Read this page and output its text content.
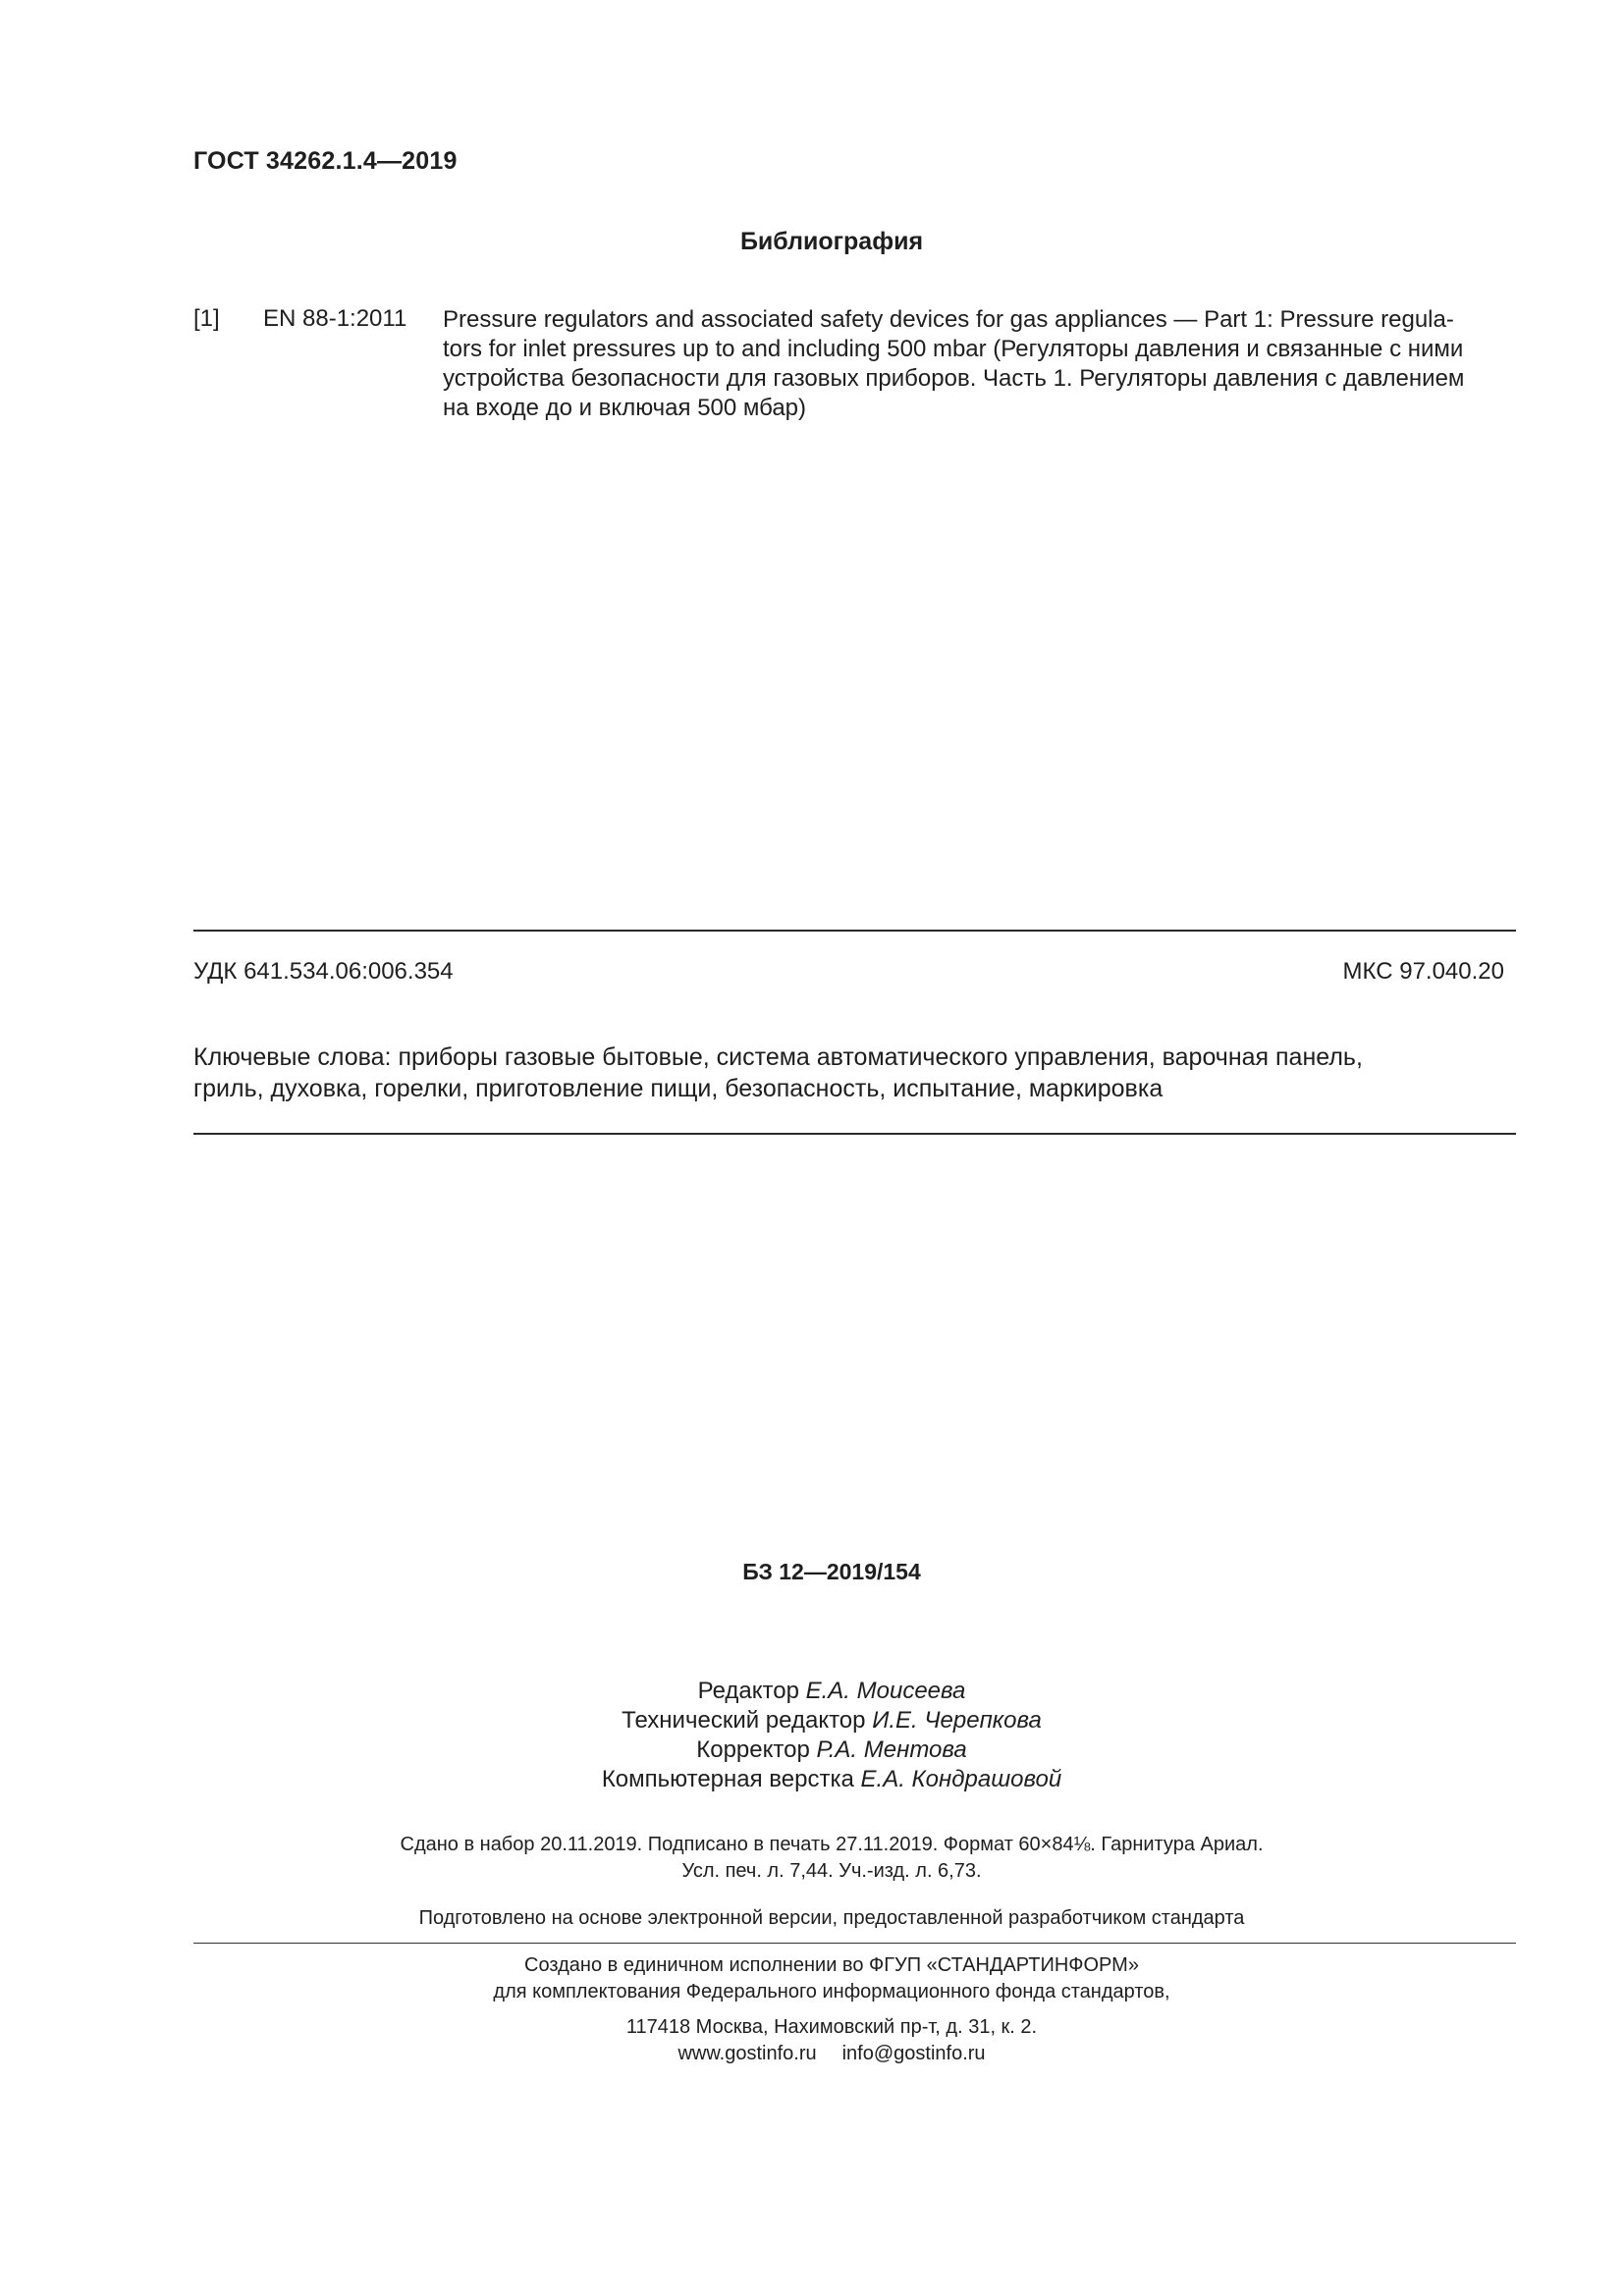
ГОСТ 34262.1.4—2019
Библиография
[1] EN 88-1:2011 Pressure regulators and associated safety devices for gas appliances — Part 1: Pressure regula-
tors for inlet pressures up to and including 500 mbar (Регуляторы давления и связанные с ними
устройства безопасности для газовых приборов. Часть 1. Регуляторы давления с давлением
на входе до и включая 500 мбар)
УДК 641.534.06:006.354	МКС 97.040.20
Ключевые слова: приборы газовые бытовые, система автоматического управления, варочная панель,
гриль, духовка, горелки, приготовление пищи, безопасность, испытание, маркировка
БЗ 12—2019/154
Редактор Е.А. Моисеева
Технический редактор И.Е. Черепкова
Корректор Р.А. Ментова
Компьютерная верстка Е.А. Кондрашовой
Сдано в набор 20.11.2019. Подписано в печать 27.11.2019. Формат 60×84⅛. Гарнитура Ариал.
Усл. печ. л. 7,44. Уч.-изд. л. 6,73.
Подготовлено на основе электронной версии, предоставленной разработчиком стандарта
Создано в единичном исполнении во ФГУП «СТАНДАРТИНФОРМ»
для комплектования Федерального информационного фонда стандартов,
117418 Москва, Нахимовский пр-т, д. 31, к. 2.
www.gostinfo.ru info@gostinfo.ru
